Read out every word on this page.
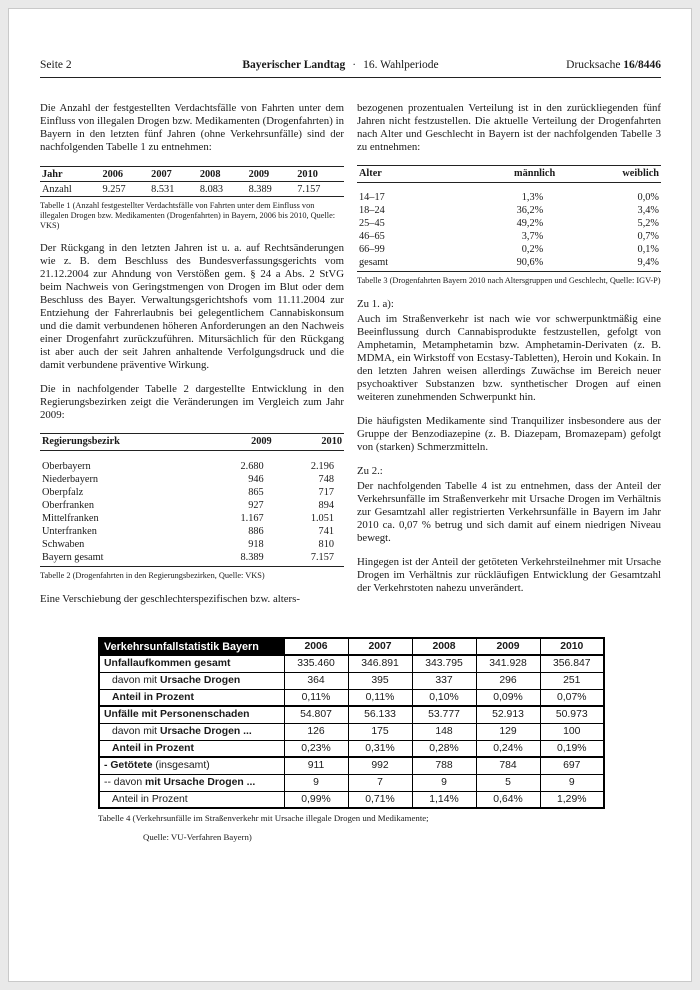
Seite 2	Bayerischer Landtag · 16. Wahlperiode	Drucksache 16/8446

Die Anzahl der festgestellten Verdachtsfälle von Fahrten unter dem Einfluss von illegalen Drogen bzw. Medikamenten (Drogenfahrten) in Bayern in den letzten fünf Jahren (ohne Verkehrsunfälle) sind der nachfolgenden Tabelle 1 zu entnehmen:

Jahr	2006	2007	2008	2009	2010
Anzahl	9.257	8.531	8.083	8.389	7.157

Tabelle 1 (Anzahl festgestellter Verdachtsfälle von Fahrten unter dem Einfluss von illegalen Drogen bzw. Medikamenten (Drogenfahrten) in Bayern, 2006 bis 2010, Quelle: VKS)

Der Rückgang in den letzten Jahren ist u. a. auf Rechtsänderungen wie z. B. dem Beschluss des Bundesverfassungsgerichts vom 21.12.2004 zur Ahndung von Verstößen gem. § 24 a Abs. 2 StVG beim Nachweis von Geringstmengen von Drogen im Blut oder dem Beschluss des Bayer. Verwaltungsgerichtshofs vom 11.11.2004 zur Entziehung der Fahrerlaubnis bei gelegentlichem Cannabiskonsum und die damit verbundenen höheren Anforderungen an den Nachweis einer Drogenfahrt zurückzuführen. Mitursächlich für den Rückgang ist aber auch der seit Jahren anhaltende Verfolgungsdruck und die damit verbundene präventive Wirkung.

Die in nachfolgender Tabelle 2 dargestellte Entwicklung in den Regierungsbezirken zeigt die Veränderungen im Vergleich zum Jahr 2009:

Regierungsbezirk	2009	2010
Oberbayern	2.680	2.196
Niederbayern	946	748
Oberpfalz	865	717
Oberfranken	927	894
Mittelfranken	1.167	1.051
Unterfranken	886	741
Schwaben	918	810
Bayern gesamt	8.389	7.157

Tabelle 2 (Drogenfahrten in den Regierungsbezirken, Quelle: VKS)

Eine Verschiebung der geschlechterspezifischen bzw. alters-

bezogenen prozentualen Verteilung ist in den zurückliegenden fünf Jahren nicht festzustellen. Die aktuelle Verteilung der Drogenfahrten nach Alter und Geschlecht in Bayern ist der nachfolgenden Tabelle 3 zu entnehmen:

Alter	männlich	weiblich
14–17	1,3%	0,0%
18–24	36,2%	3,4%
25–45	49,2%	5,2%
46–65	3,7%	0,7%
66–99	0,2%	0,1%
gesamt	90,6%	9,4%

Tabelle 3 (Drogenfahrten Bayern 2010 nach Altersgruppen und Geschlecht, Quelle: IGV-P)

Zu 1. a):

Auch im Straßenverkehr ist nach wie vor schwerpunktmäßig eine Beeinflussung durch Cannabisprodukte festzustellen, gefolgt von Amphetamin, Metamphetamin bzw. Amphetamin-Derivaten (z. B. MDMA, ein Wirkstoff von Ecstasy-Tabletten), Heroin und Kokain. In den letzten Jahren weisen allerdings Zuwächse im Bereich neuer psychoaktiver Substanzen bzw. synthetischer Drogen auf einen weiteren zunehmenden Schwerpunkt hin.

Die häufigsten Medikamente sind Tranquilizer insbesondere aus der Gruppe der Benzodiazepine (z. B. Diazepam, Bromazepam) gefolgt von (starken) Schmerzmitteln.

Zu 2.:

Der nachfolgenden Tabelle 4 ist zu entnehmen, dass der Anteil der Verkehrsunfälle im Straßenverkehr mit Ursache Drogen im Verhältnis zur Gesamtzahl aller registrierten Verkehrsunfälle in Bayern im Jahr 2010 ca. 0,07 % betrug und sich damit auf einem niedrigen Niveau bewegt.

Hingegen ist der Anteil der getöteten Verkehrsteilnehmer mit Ursache Drogen im Verhältnis zur rückläufigen Entwicklung der Gesamtzahl der Verkehrstoten nahezu unverändert.

Verkehrsunfallstatistik Bayern	2006	2007	2008	2009	2010
Unfallaufkommen gesamt	335.460	346.891	343.795	341.928	356.847
davon mit Ursache Drogen	364	395	337	296	251
Anteil in Prozent	0,11%	0,11%	0,10%	0,09%	0,07%
Unfälle mit Personenschaden	54.807	56.133	53.777	52.913	50.973
davon mit Ursache Drogen ...	126	175	148	129	100
Anteil in Prozent	0,23%	0,31%	0,28%	0,24%	0,19%
- Getötete (insgesamt)	911	992	788	784	697
-- davon mit Ursache Drogen ...	9	7	9	5	9
Anteil in Prozent	0,99%	0,71%	1,14%	0,64%	1,29%

Tabelle 4 (Verkehrsunfälle im Straßenverkehr mit Ursache illegale Drogen und Medikamente;

Quelle: VU-Verfahren Bayern)
